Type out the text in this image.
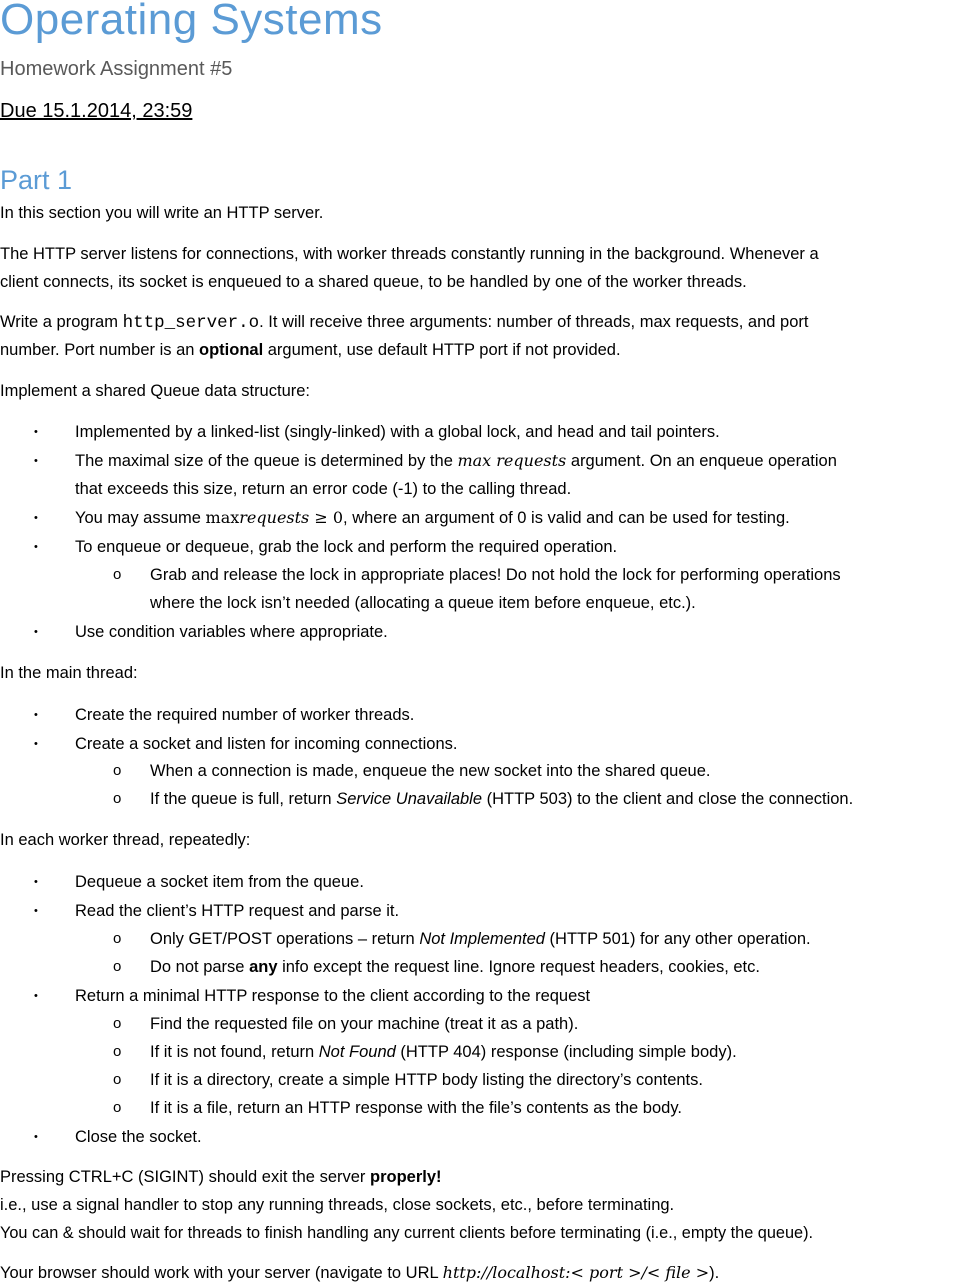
Operating Systems
Homework Assignment #5
Due 15.1.2014, 23:59
Part 1
In this section you will write an HTTP server.
The HTTP server listens for connections, with worker threads constantly running in the background. Whenever a
client connects, its socket is enqueued to a shared queue, to be handled by one of the worker threads.
Write a program http_server.o. It will receive three arguments: number of threads, max requests, and port
number. Port number is an optional argument, use default HTTP port if not provided.
Implement a shared Queue data structure:
• Implemented by a linked-list (singly-linked) with a global lock, and head and tail pointers.
• The maximal size of the queue is determined by the max requests argument. On an enqueue operation
that exceeds this size, return an error code (-1) to the calling thread.
• You may assume maxrequests ≥ 0, where an argument of 0 is valid and can be used for testing.
• To enqueue or dequeue, grab the lock and perform the required operation.
o Grab and release the lock in appropriate places! Do not hold the lock for performing operations
where the lock isn’t needed (allocating a queue item before enqueue, etc.).
• Use condition variables where appropriate.
In the main thread:
• Create the required number of worker threads.
• Create a socket and listen for incoming connections.
o When a connection is made, enqueue the new socket into the shared queue.
o If the queue is full, return Service Unavailable (HTTP 503) to the client and close the connection.
In each worker thread, repeatedly:
• Dequeue a socket item from the queue.
• Read the client’s HTTP request and parse it.
o Only GET/POST operations – return Not Implemented (HTTP 501) for any other operation.
o Do not parse any info except the request line. Ignore request headers, cookies, etc.
• Return a minimal HTTP response to the client according to the request
o Find the requested file on your machine (treat it as a path).
o If it is not found, return Not Found (HTTP 404) response (including simple body).
o If it is a directory, create a simple HTTP body listing the directory’s contents.
o If it is a file, return an HTTP response with the file’s contents as the body.
• Close the socket.
Pressing CTRL+C (SIGINT) should exit the server properly!
i.e., use a signal handler to stop any running threads, close sockets, etc., before terminating.
You can & should wait for threads to finish handling any current clients before terminating (i.e., empty the queue).
Your browser should work with your server (navigate to URL http://localhost:< port >/< file >).
